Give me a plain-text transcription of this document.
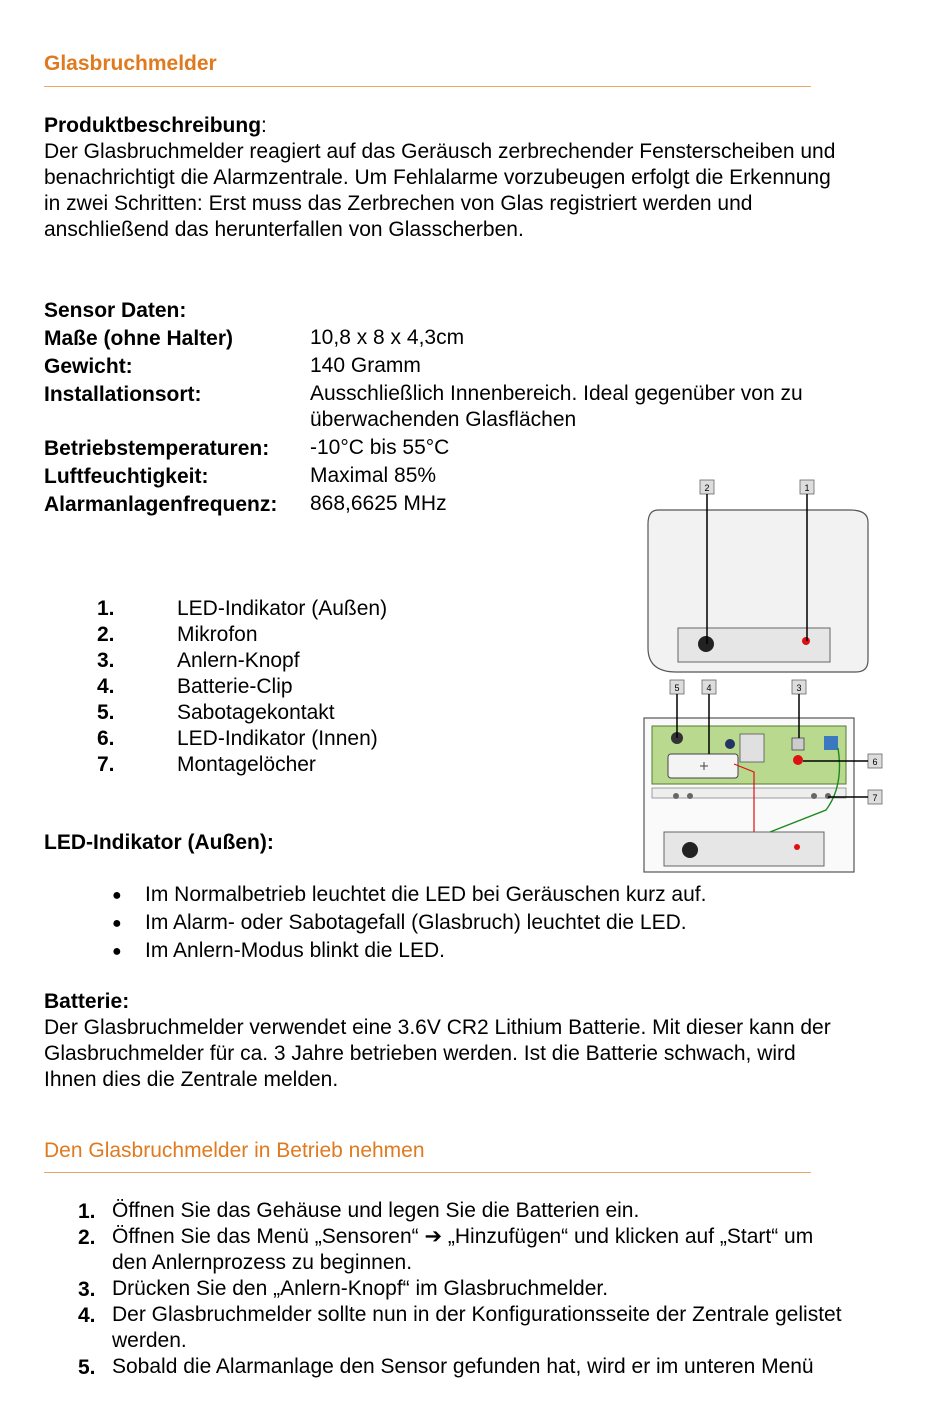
Glasbruchmelder
Produktbeschreibung:
Der Glasbruchmelder reagiert auf das Geräusch zerbrechender Fensterscheiben und
benachrichtigt die Alarmzentrale. Um Fehlalarme vorzubeugen erfolgt die Erkennung
in zwei Schritten: Erst muss das Zerbrechen von Glas registriert werden und
anschließend das herunterfallen von Glasscherben.
Sensor Daten:
Maße (ohne Halter)	10,8 x 8 x 4,3cm
Gewicht:	140 Gramm
Installationsort:	Ausschließlich Innenbereich. Ideal gegenüber von zu
überwachenden Glasflächen
Betriebstemperaturen: -10°C bis 55°C
Luftfeuchtigkeit:	Maximal 85%
Alarmanlagenfrequenz: 868,6625 MHz
1.	LED-Indikator (Außen)
2.	Mikrofon
3.	Anlern-Knopf
4.	Batterie-Clip
5.	Sabotagekontakt
6.	LED-Indikator (Innen)
7.	Montagelöcher
2	1
5	4	3
6
7
LED-Indikator (Außen):
● Im Normalbetrieb leuchtet die LED bei Geräuschen kurz auf.
● Im Alarm- oder Sabotagefall (Glasbruch) leuchtet die LED.
● Im Anlern-Modus blinkt die LED.
Batterie:
Der Glasbruchmelder verwendet eine 3.6V CR2 Lithium Batterie. Mit dieser kann der
Glasbruchmelder für ca. 3 Jahre betrieben werden. Ist die Batterie schwach, wird
Ihnen dies die Zentrale melden.
Den Glasbruchmelder in Betrieb nehmen
1. Öffnen Sie das Gehäuse und legen Sie die Batterien ein.
2. Öffnen Sie das Menü „Sensoren“ ➔ „Hinzufügen“ und klicken auf „Start“ um
den Anlernprozess zu beginnen.
3. Drücken Sie den „Anlern-Knopf“ im Glasbruchmelder.
4. Der Glasbruchmelder sollte nun in der Konfigurationsseite der Zentrale gelistet
werden.
5. Sobald die Alarmanlage den Sensor gefunden hat, wird er im unteren Menü
